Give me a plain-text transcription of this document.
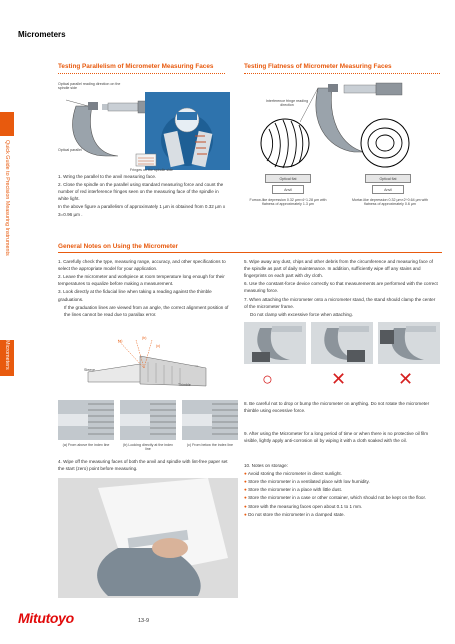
Micrometers
13
Quick Guide to Precision Measuring Instruments
Micrometers
Testing Parallelism of Micrometer Measuring Faces
Optical parallel reading direction on the spindle side
Optical parallel
Fringes on the spindle side

1. Wring the parallel to the anvil measuring face.

2. Close the spindle on the parallel using standard measuring force and count the number of red interference fringes seen on the measuring face of the spindle in white light.

In the above figure a parallelism of approximately 1 µm is obtained from 0.32 µm x 3=0.96 µm .

Testing Flatness of Micrometer Measuring Faces
Interference fringe reading direction
Optical flat
Anvil
Furrow-like depression 0.32 µm×4÷1.28 µm with flatness of approximately 1.3 µm
Optical flat
Anvil
Mortar-like depression 0.32 µm×2÷0.64 µm with flatness of approximately 0.6 µm
General Notes on Using the Micrometer

1. Carefully check the type, measuring range, accuracy, and other specifications to select the appropriate model for your application.

2. Leave the micrometer and workpiece at room temperature long enough for their temperatures to equalize before making a measurement.

3. Look directly at the fiducial line when taking a reading against the thimble graduations.

If the graduation lines are viewed from an angle, the correct alignment position of the lines cannot be read due to parallax error.

Sleeve
Thimble
(a)
(b)
(c)
(a) From above the index line	(b) Looking directly at the index line
(c) From below the index line
4. Wipe off the measuring faces of both the anvil and spindle with lint-free paper set the start (zero) point before measuring.

5. Wipe away any dust, chips and other debris from the circumference and measuring face of the spindle as part of daily maintenance. In addition, sufficiently wipe off any stains and fingerprints on each part with dry cloth.

6. Use the constant-force device correctly so that measurements are performed with the correct measuring force.

7. When attaching the micrometer onto a micrometer stand, the stand should clamp the center of the micrometer frame.

Do not clamp with excessive force when attaching.

○	✕	✕
8. Be careful not to drop or bump the micrometer on anything. Do not rotate the micrometer thimble using excessive force.
9. After using the Micrometer for a long period of time or when there is no protective oil film visible, lightly apply anti-corrosion oil by wiping it with a cloth soaked with the oil.

10. Notes on storage:

● Avoid storing the micrometer in direct sunlight.

● Store the micrometer in a ventilated place with low humidity.

● Store the micrometer in a place with little dust.

● Store the micrometer in a case or other container, which should not be kept on the floor.

● Store with the measuring faces open about 0.1 to 1 mm.

● Do not store the micrometer in a clamped state.

Mitutoyo	13-9
